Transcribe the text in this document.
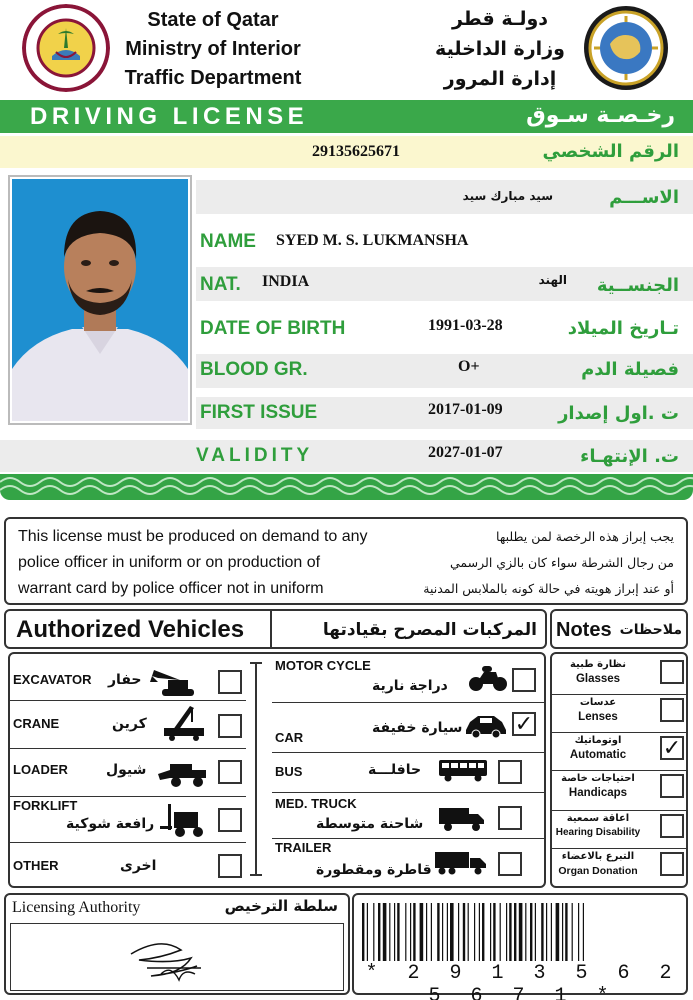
State of Qatar
Ministry of Interior
Traffic Department
دولـة قطر
وزارة الداخلية
إدارة المرور
DRIVING LICENSE	رخـصـة سـوق
29135625671	الرقم الشخصي
سيد مبارك سيد	الاســـم
NAME SYED M. S. LUKMANSHA
NAT. INDIA	الهند الجنســية
DATE OF BIRTH	1991-03-28	تـاريخ الميلاد
BLOOD GR.	O+	فصيلة الدم
FIRST ISSUE	2017-01-09	ت .اول إصدار
VALIDITY	2027-01-07	ت. الإنتهـاء
This license must be produced on demand to any
police officer in uniform or on production of
warrant card by police officer not in uniform
يجب إبراز هذه الرخصة لمن يطلبها
من رجال الشرطة سواء كان بالزي الرسمي
أو عند إبراز هويته في حالة كونه بالملابس المدنية
Authorized Vehicles	المركبات المصرح بقيادتها Notes ملاحظات
EXCAVATOR حفار
CRANE	كرين
LOADER	شيول
FORKLIFT
رافعة شوكية
OTHER	اخرى
MOTOR CYCLE
دراجة نارية
CAR
سيارة خفيفة ✓
BUS	حافلـــة
MED. TRUCK
شاحنة متوسطة
TRAILER
قاطرة ومقطورة
نظارة طبية
Glasses
عدسات
Lenses
اوتوماتيك
Automatic	✓
احتياجات خاصة
Handicaps
اعاقة سمعية
Hearing Disability
التبرع بالاعضاء
Organ Donation
Licensing Authority	سلطة الترخيص
* 2 9 1 3 5 6 2 5 6 7 1 *
